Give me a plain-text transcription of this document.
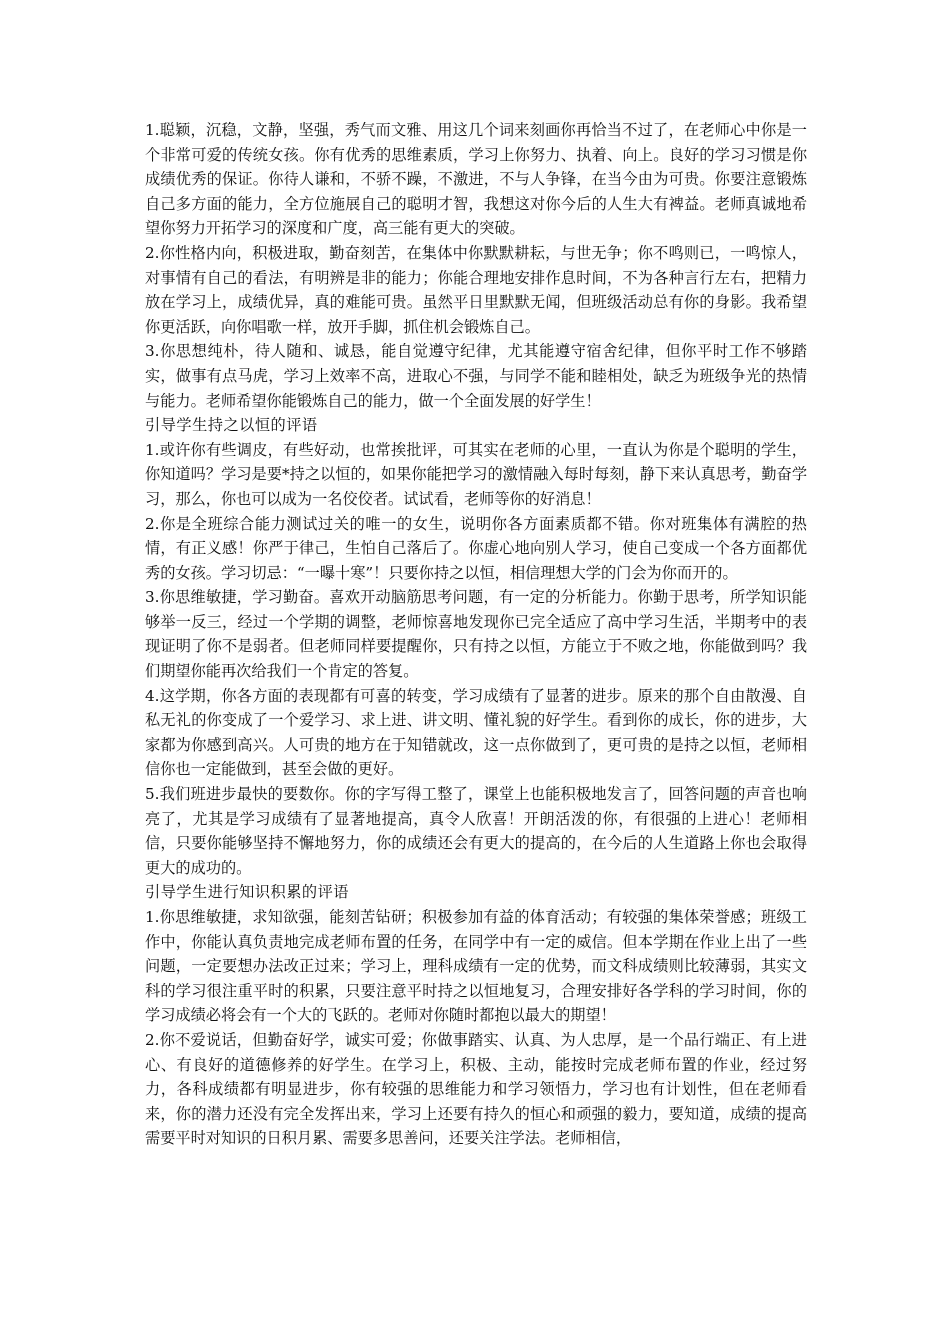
1.聪颖，沉稳，文静，坚强，秀气而文雅、用这几个词来刻画你再恰当不过了，在老师心中你是一个非常可爱的传统女孩。你有优秀的思维素质，学习上你努力、执着、向上。良好的学习习惯是你成绩优秀的保证。你待人谦和，不骄不躁，不激进，不与人争锋，在当今由为可贵。你要注意锻炼自己多方面的能力，全方位施展自己的聪明才智，我想这对你今后的人生大有裨益。老师真诚地希望你努力开拓学习的深度和广度，高三能有更大的突破。

2.你性格内向，积极进取，勤奋刻苦，在集体中你默默耕耘，与世无争；你不鸣则已，一鸣惊人，对事情有自己的看法，有明辨是非的能力；你能合理地安排作息时间，不为各种言行左右，把精力放在学习上，成绩优异，真的难能可贵。虽然平日里默默无闻，但班级活动总有你的身影。我希望你更活跃，向你唱歌一样，放开手脚，抓住机会锻炼自己。

3.你思想纯朴，待人随和、诚恳，能自觉遵守纪律，尤其能遵守宿舍纪律，但你平时工作不够踏实，做事有点马虎，学习上效率不高，进取心不强，与同学不能和睦相处，缺乏为班级争光的热情与能力。老师希望你能锻炼自己的能力，做一个全面发展的好学生！

引导学生持之以恒的评语

1.或许你有些调皮，有些好动，也常挨批评，可其实在老师的心里，一直认为你是个聪明的学生，你知道吗？学习是要*持之以恒的，如果你能把学习的激情融入每时每刻，静下来认真思考，勤奋学习，那么，你也可以成为一名佼佼者。试试看，老师等你的好消息！

2.你是全班综合能力测试过关的唯一的女生，说明你各方面素质都不错。你对班集体有满腔的热情，有正义感！你严于律己，生怕自己落后了。你虚心地向别人学习，使自己变成一个各方面都优秀的女孩。学习切忌：“一曝十寒”！只要你持之以恒，相信理想大学的门会为你而开的。

3.你思维敏捷，学习勤奋。喜欢开动脑筋思考问题，有一定的分析能力。你勤于思考，所学知识能够举一反三，经过一个学期的调整，老师惊喜地发现你已完全适应了高中学习生活，半期考中的表现证明了你不是弱者。但老师同样要提醒你，只有持之以恒，方能立于不败之地，你能做到吗？我们期望你能再次给我们一个肯定的答复。

4.这学期，你各方面的表现都有可喜的转变，学习成绩有了显著的进步。原来的那个自由散漫、自私无礼的你变成了一个爱学习、求上进、讲文明、懂礼貌的好学生。看到你的成长，你的进步，大家都为你感到高兴。人可贵的地方在于知错就改，这一点你做到了，更可贵的是持之以恒，老师相信你也一定能做到，甚至会做的更好。

5.我们班进步最快的要数你。你的字写得工整了，课堂上也能积极地发言了，回答问题的声音也响亮了，尤其是学习成绩有了显著地提高，真令人欣喜！开朗活泼的你，有很强的上进心！老师相信，只要你能够坚持不懈地努力，你的成绩还会有更大的提高的，在今后的人生道路上你也会取得更大的成功的。

引导学生进行知识积累的评语

1.你思维敏捷，求知欲强，能刻苦钻研；积极参加有益的体育活动；有较强的集体荣誉感；班级工作中，你能认真负责地完成老师布置的任务，在同学中有一定的威信。但本学期在作业上出了一些问题，一定要想办法改正过来；学习上，理科成绩有一定的优势，而文科成绩则比较薄弱，其实文科的学习很注重平时的积累，只要注意平时持之以恒地复习，合理安排好各学科的学习时间，你的学习成绩必将会有一个大的飞跃的。老师对你随时都抱以最大的期望！

2.你不爱说话，但勤奋好学，诚实可爱；你做事踏实、认真、为人忠厚，是一个品行端正、有上进心、有良好的道德修养的好学生。在学习上，积极、主动，能按时完成老师布置的作业，经过努力，各科成绩都有明显进步，你有较强的思维能力和学习领悟力，学习也有计划性，但在老师看来，你的潜力还没有完全发挥出来，学习上还要有持久的恒心和顽强的毅力，要知道，成绩的提高需要平时对知识的日积月累、需要多思善问，还要关注学法。老师相信，
